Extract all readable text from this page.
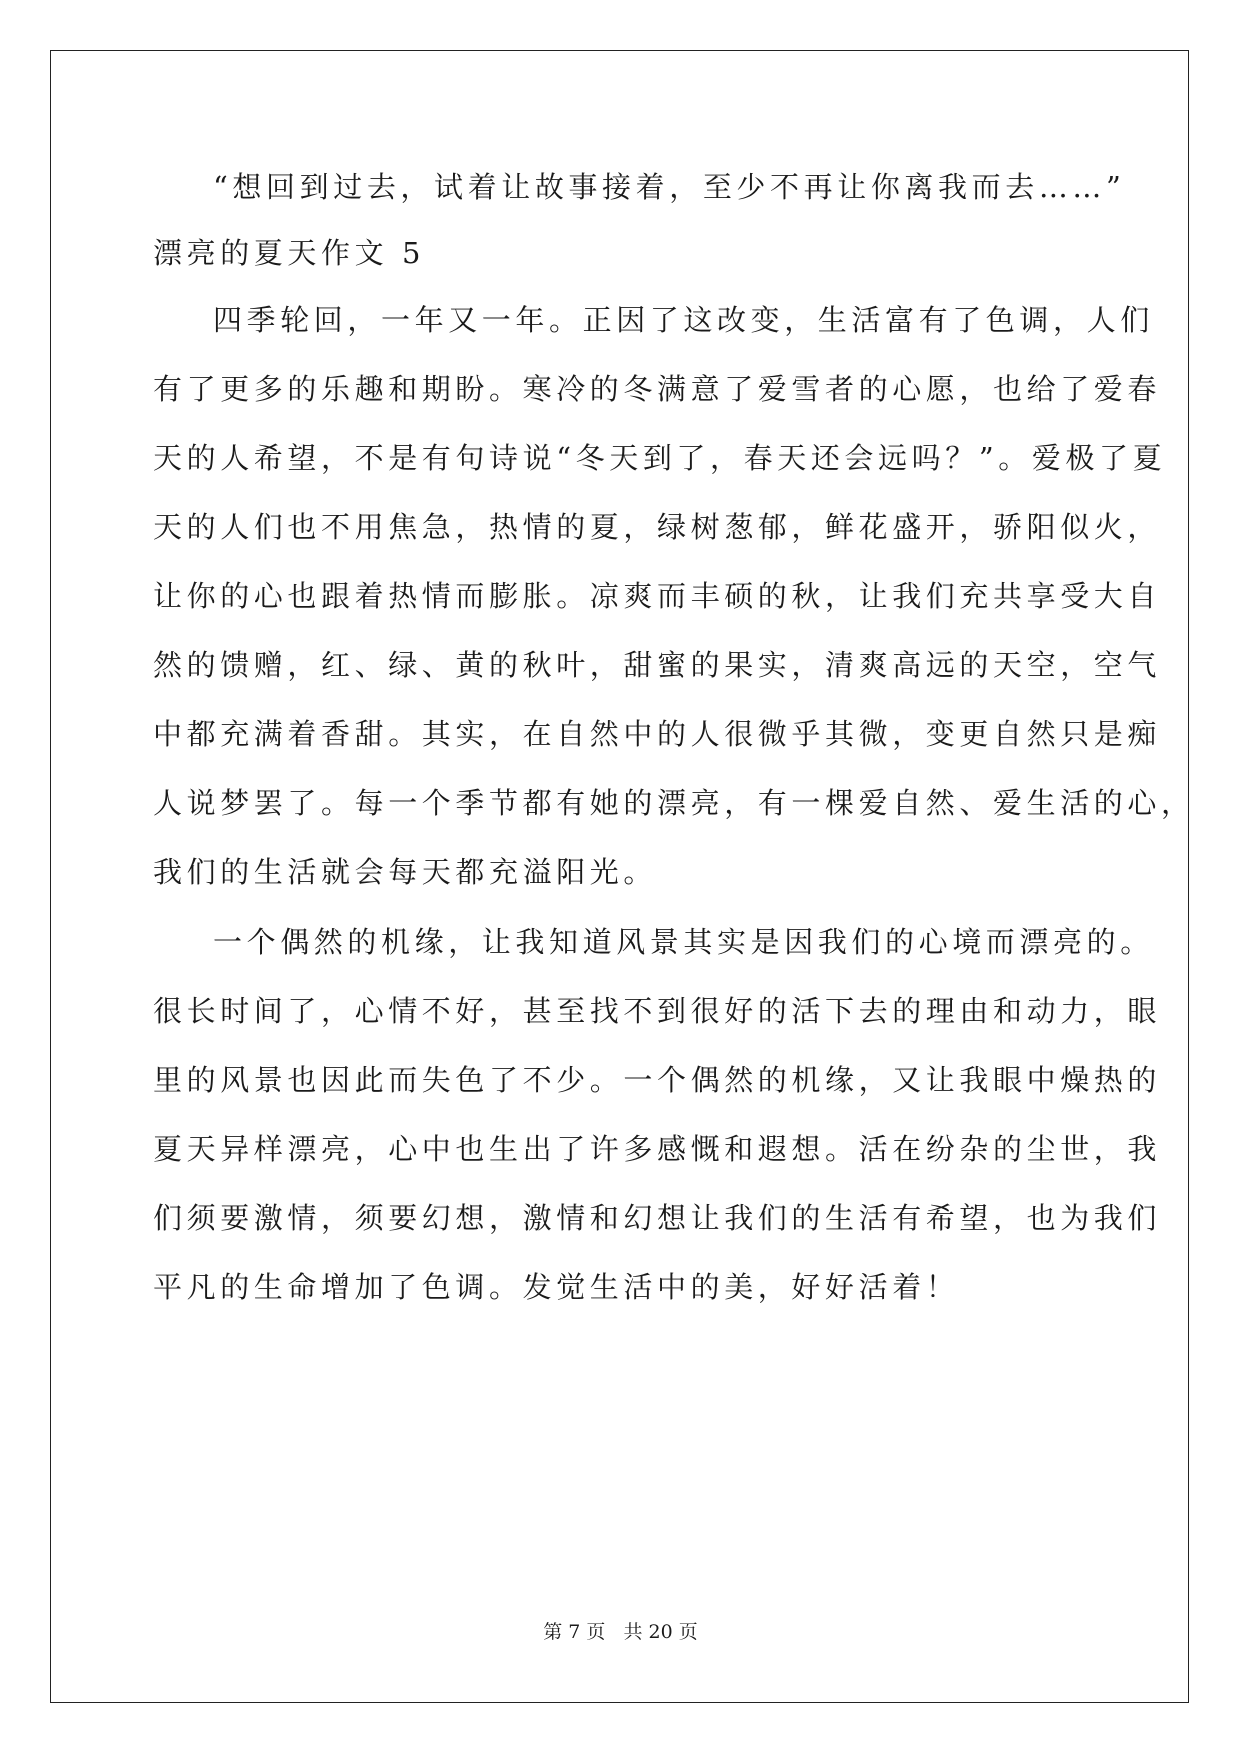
“想回到过去，试着让故事接着，至少不再让你离我而去……”
漂亮的夏天作文 5
四季轮回，一年又一年。正因了这改变，生活富有了色调，人们
有了更多的乐趣和期盼。寒冷的冬满意了爱雪者的心愿，也给了爱春
天的人希望，不是有句诗说“冬天到了，春天还会远吗？”。爱极了夏
天的人们也不用焦急，热情的夏，绿树葱郁，鲜花盛开，骄阳似火，
让你的心也跟着热情而膨胀。凉爽而丰硕的秋，让我们充共享受大自
然的馈赠，红、绿、黄的秋叶，甜蜜的果实，清爽高远的天空，空气
中都充满着香甜。其实，在自然中的人很微乎其微，变更自然只是痴
人说梦罢了。每一个季节都有她的漂亮，有一棵爱自然、爱生活的心，
我们的生活就会每天都充溢阳光。
一个偶然的机缘，让我知道风景其实是因我们的心境而漂亮的。
很长时间了，心情不好，甚至找不到很好的活下去的理由和动力，眼
里的风景也因此而失色了不少。一个偶然的机缘，又让我眼中燥热的
夏天异样漂亮，心中也生出了许多感慨和遐想。活在纷杂的尘世，我
们须要激情，须要幻想，激情和幻想让我们的生活有希望，也为我们
平凡的生命增加了色调。发觉生活中的美，好好活着！
第 7 页   共 20 页
